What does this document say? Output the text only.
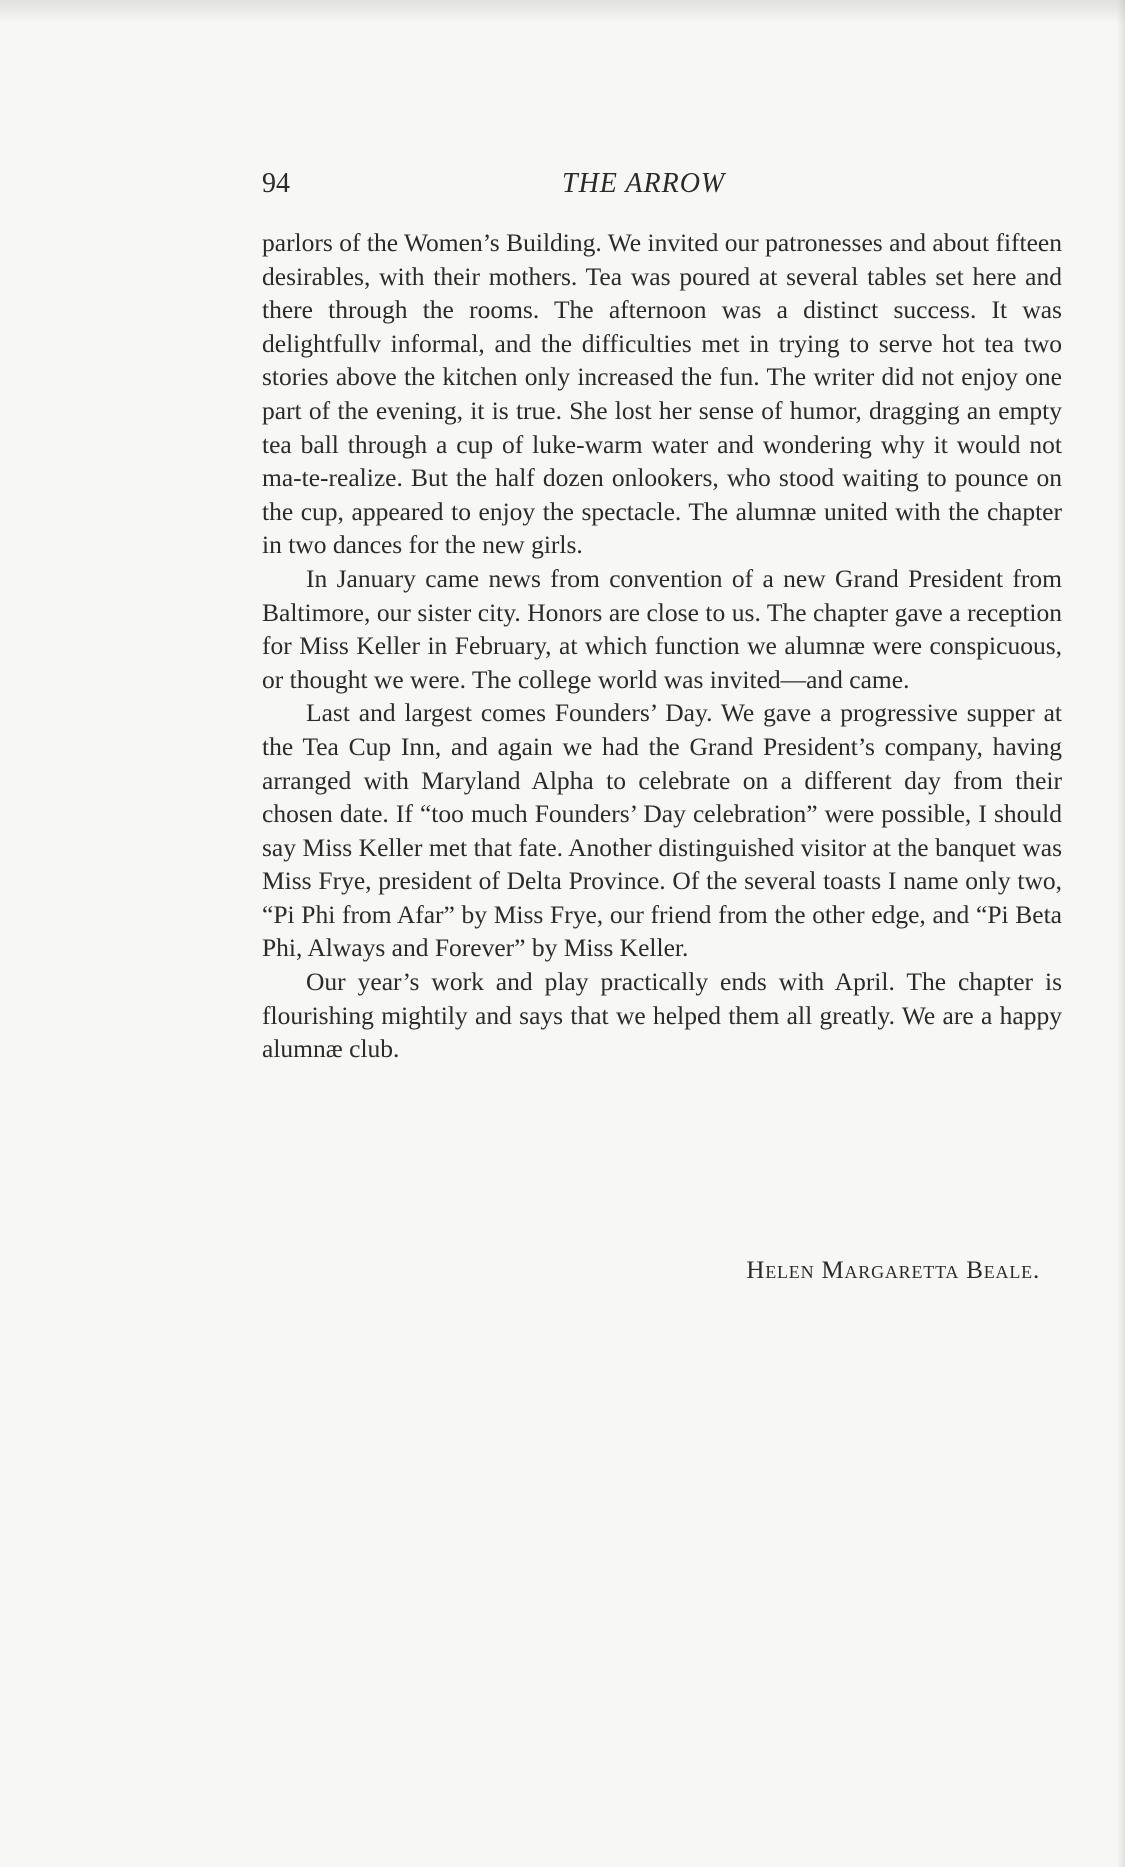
94	THE ARROW

parlors of the Women’s Building. We invited our patronesses and about fifteen desirables, with their mothers. Tea was poured at several tables set here and there through the rooms. The afternoon was a distinct success. It was delightfullv informal, and the difficulties met in trying to serve hot tea two stories above the kitchen only increased the fun. The writer did not enjoy one part of the evening, it is true. She lost her sense of humor, dragging an empty tea ball through a cup of luke-warm water and wondering why it would not ma-te-realize. But the half dozen onlookers, who stood waiting to pounce on the cup, appeared to enjoy the spectacle. The alumnæ united with the chapter in two dances for the new girls.

In January came news from convention of a new Grand President from Baltimore, our sister city. Honors are close to us. The chapter gave a reception for Miss Keller in February, at which function we alumnæ were conspicuous, or thought we were. The college world was invited—and came.

Last and largest comes Founders’ Day. We gave a progressive supper at the Tea Cup Inn, and again we had the Grand President’s company, having arranged with Maryland Alpha to celebrate on a different day from their chosen date. If “too much Founders’ Day celebration” were possible, I should say Miss Keller met that fate. Another distinguished visitor at the banquet was Miss Frye, president of Delta Province. Of the several toasts I name only two, “Pi Phi from Afar” by Miss Frye, our friend from the other edge, and “Pi Beta Phi, Always and Forever” by Miss Keller.

Our year’s work and play practically ends with April. The chapter is flourishing mightily and says that we helped them all greatly. We are a happy alumnæ club.

Helen Margaretta Beale.
